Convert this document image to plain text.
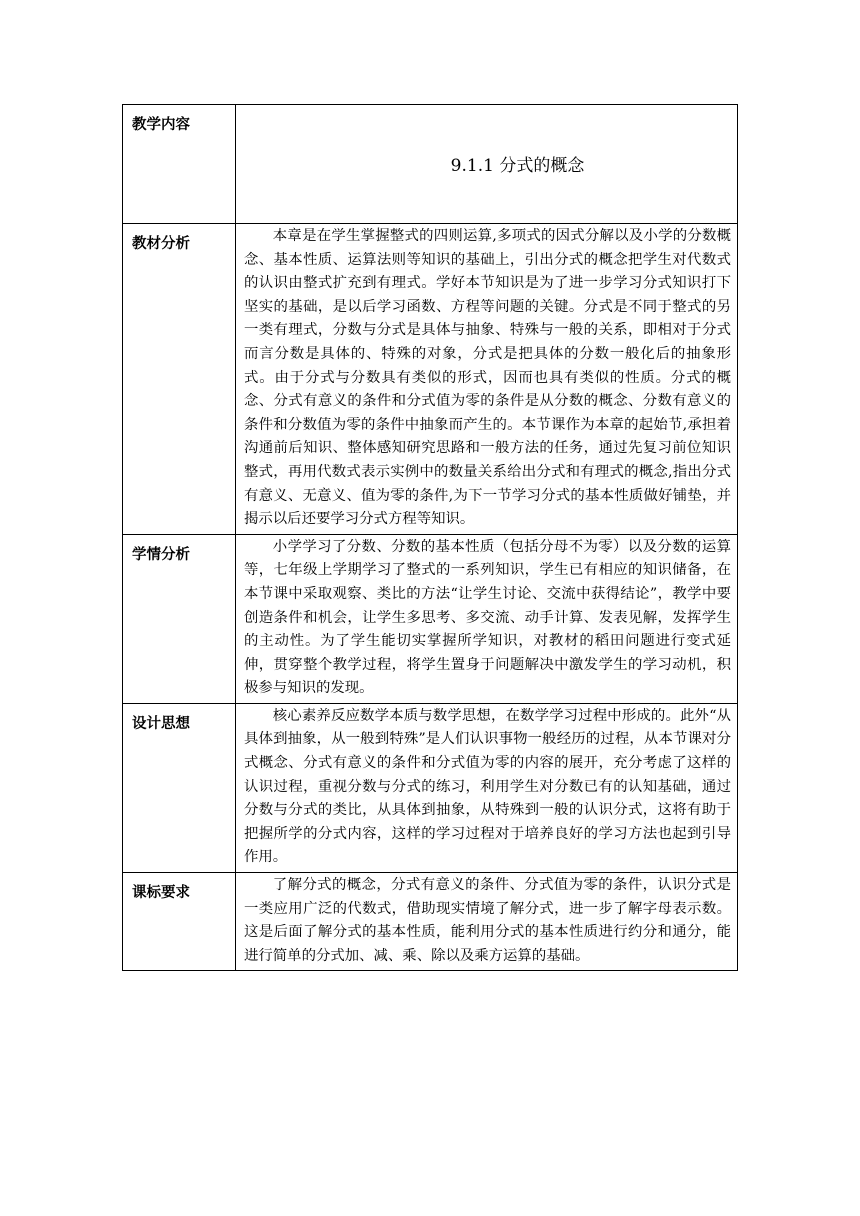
教学内容	9.1.1 分式的概念

教材分析	本章是在学生掌握整式的四则运算,多项式的因式分解以及小学的分数概念、基本性质、运算法则等知识的基础上，引出分式的概念把学生对代数式的认识由整式扩充到有理式。学好本节知识是为了进一步学习分式知识打下坚实的基础，是以后学习函数、方程等问题的关键。分式是不同于整式的另一类有理式，分数与分式是具体与抽象、特殊与一般的关系，即相对于分式而言分数是具体的、特殊的对象，分式是把具体的分数一般化后的抽象形式。由于分式与分数具有类似的形式，因而也具有类似的性质。分式的概念、分式有意义的条件和分式值为零的条件是从分数的概念、分数有意义的条件和分数值为零的条件中抽象而产生的。本节课作为本章的起始节,承担着沟通前后知识、整体感知研究思路和一般方法的任务，通过先复习前位知识整式，再用代数式表示实例中的数量关系给出分式和有理式的概念,指出分式有意义、无意义、值为零的条件,为下一节学习分式的基本性质做好铺垫，并揭示以后还要学习分式方程等知识。

学情分析	小学学习了分数、分数的基本性质（包括分母不为零）以及分数的运算等，七年级上学期学习了整式的一系列知识，学生已有相应的知识储备，在本节课中采取观察、类比的方法“让学生讨论、交流中获得结论”，教学中要创造条件和机会，让学生多思考、多交流、动手计算、发表见解，发挥学生的主动性。为了学生能切实掌握所学知识，对教材的稻田问题进行变式延伸，贯穿整个教学过程，将学生置身于问题解决中激发学生的学习动机，积极参与知识的发现。

设计思想	核心素养反应数学本质与数学思想，在数学学习过程中形成的。此外“从具体到抽象，从一般到特殊”是人们认识事物一般经历的过程，从本节课对分式概念、分式有意义的条件和分式值为零的内容的展开，充分考虑了这样的认识过程，重视分数与分式的练习，利用学生对分数已有的认知基础，通过分数与分式的类比，从具体到抽象，从特殊到一般的认识分式，这将有助于把握所学的分式内容，这样的学习过程对于培养良好的学习方法也起到引导作用。

课标要求	了解分式的概念，分式有意义的条件、分式值为零的条件，认识分式是一类应用广泛的代数式，借助现实情境了解分式，进一步了解字母表示数。这是后面了解分式的基本性质，能利用分式的基本性质进行约分和通分，能进行简单的分式加、减、乘、除以及乘方运算的基础。
